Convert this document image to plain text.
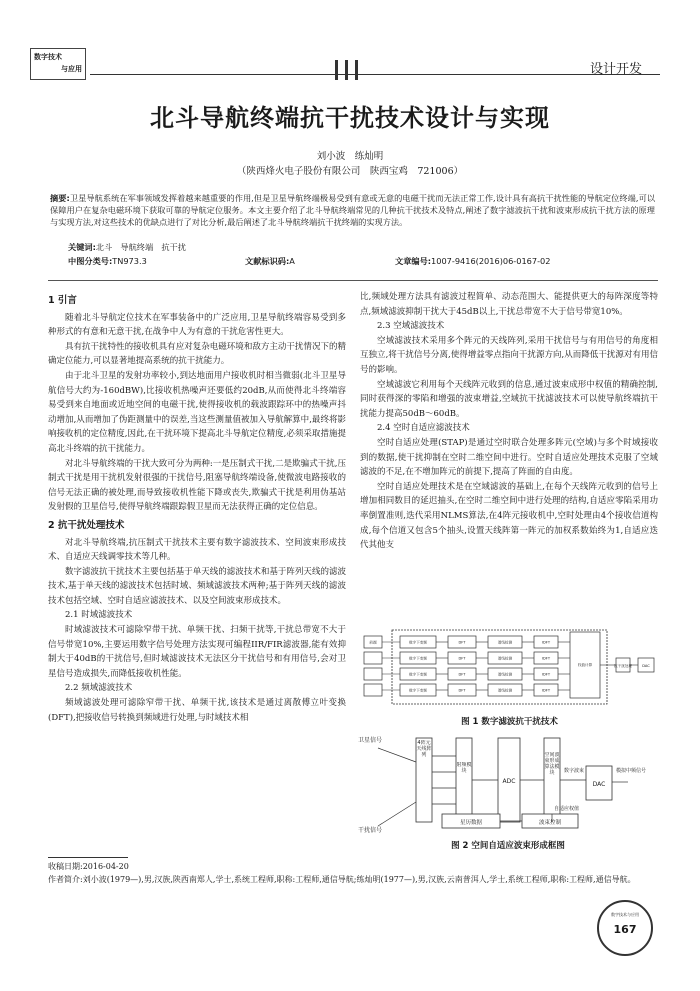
数字技术
与应用	设计开发
北斗导航终端抗干扰技术设计与实现
刘小波　练灿明
（陕西烽火电子股份有限公司　陕西宝鸡　721006）
摘要:卫星导航系统在军事领域发挥着越来越重要的作用,但是卫星导航终端极易受到有意或无意的电磁干扰而无法正常工作,设计具有高抗干扰性能的导航定位终端,可以保障用户在复杂电磁环境下获取可靠的导航定位服务。本文主要介绍了北斗导航终端常见的几种抗干扰技术及特点,阐述了数字滤波抗干扰和波束形成抗干扰方法的原理与实现方法,对这些技术的优缺点进行了对比分析,最后阐述了北斗导航终端抗干扰终端的实现方法。
关键词:北斗　导航终端　抗干扰
中图分类号:TN973.3	文献标识码:A	文章编号:1007-9416(2016)06-0167-02
1 引言

随着北斗导航定位技术在军事装备中的广泛应用,卫星导航终端容易受到多种形式的有意和无意干扰,在战争中人为有意的干扰危害性更大。

具有抗干扰特性的接收机具有应对复杂电磁环境和敌方主动干扰情况下的精确定位能力,可以显著地提高系统的抗干扰能力。

由于北斗卫星的发射功率较小,到达地面用户接收机时相当微弱(北斗卫星导航信号大约为-160dBW),比接收机热噪声还要低约20dB,从而使得北斗终端容易受到来自地面或近地空间的电磁干扰,使得接收机的载波跟踪环中的热噪声抖动增加,从而增加了伪距测量中的误差,当这些测量值被加入导航解算中,最终将影响接收机的定位精度,因此,在干扰环境下提高北斗导航定位精度,必须采取措施提高北斗终端的抗干扰能力。

对北斗导航终端的干扰大致可分为两种:一是压制式干扰,二是欺骗式干扰,压制式干扰是用干扰机发射很强的干扰信号,阻塞导航终端设备,使微波电路接收的信号无法正确的被处理,而导致接收机性能下降或丧失,欺骗式干扰是利用伪基站发射假的卫星信号,使得导航终端跟踪假卫星而无法获得正确的定位信息。

2 抗干扰处理技术

对北斗导航终端,抗压制式干扰技术主要有数字滤波技术、空间波束形成技术、自适应天线调零技术等几种。

数字滤波抗干扰技术主要包括基于单天线的滤波技术和基于阵列天线的滤波技术,基于单天线的滤波技术包括时域、频域滤波技术两种;基于阵列天线的滤波技术包括空域、空时自适应滤波技术、以及空间波束形成技术。

2.1 时域滤波技术

时域滤波技术可滤除窄带干扰、单频干扰、扫频干扰等,干扰总带宽不大于信号带宽10%,主要运用数字信号处理方法实现可编程IIR/FIR滤波器,能有效抑制大于40dB的干扰信号,但时域滤波技术无法区分干扰信号和有用信号,会对卫星信号造成损失,而降低接收机性能。

2.2 频域滤波技术

频域滤波处理可滤除窄带干扰、单频干扰,该技术是通过离散傅立叶变换(DFT),把接收信号转换到频域进行处理,与时域技术相

比,频域处理方法具有滤波过程简单、动态范围大、能提供更大的每阵深度等特点,频域滤波抑制干扰大于45dB以上,干扰总带宽不大于信号带宽10%。

2.3 空域滤波技术

空域滤波技术采用多个阵元的天线阵列,采用干扰信号与有用信号的角度相互独立,将干扰信号分离,使得增益零点指向干扰源方向,从而降低干扰源对有用信号的影响。

空域滤波它利用每个天线阵元收到的信息,通过波束成形中权值的精确控制,同时获得深的零陷和增强的波束增益,空域抗干扰滤波技术可以使导航终端抗干扰能力提高50dB～60dB。

2.4 空时自适应滤波技术

空时自适应处理(STAP)是通过空时联合处理多阵元(空域)与多个时域接收到的数据,使干扰抑制在空时二维空间中进行。空时自适应处理技术克服了空域滤波的不足,在不增加阵元的前提下,提高了阵面的自由度。

空时自适应处理技术是在空域滤波的基础上,在每个天线阵元收到的信号上增加相同数目的延迟抽头,在空时二维空间中进行处理的结构,自适应零陷采用功率倒置准则,迭代采用NLMS算法,在4阵元接收机中,空时处理由4个接收信道构成,每个信道又包含5个抽头,设置天线阵第一阵元的加权系数始终为1,自适应迭代其他支

前端	数字下变频
数字下变频
数字下变频
数字下变频
DFT
DFT
DFT
DFT
谱线检测
谱线检测
谱线检测
谱线检测
IDFT
IDFT
IDFT
IDFT
权值计算	抗干扰处理	DAC
图 1 数字滤波抗干扰技术
卫星信号
干扰信号
ADC	DAC
数字波束	模拟中频信号
自适应权值
星历数据	波束控制
4阵元天线阵列
射频模块
空间波束形成算法模块
图 2 空间自适应波束形成框图
收稿日期:2016-04-20
作者简介:刘小波(1979—),男,汉族,陕西南郑人,学士,系统工程师,职称:工程师,通信导航;练灿明(1977—),男,汉族,云南普洱人,学士,系统工程师,职称:工程师,通信导航。
数字技术与应用
167
